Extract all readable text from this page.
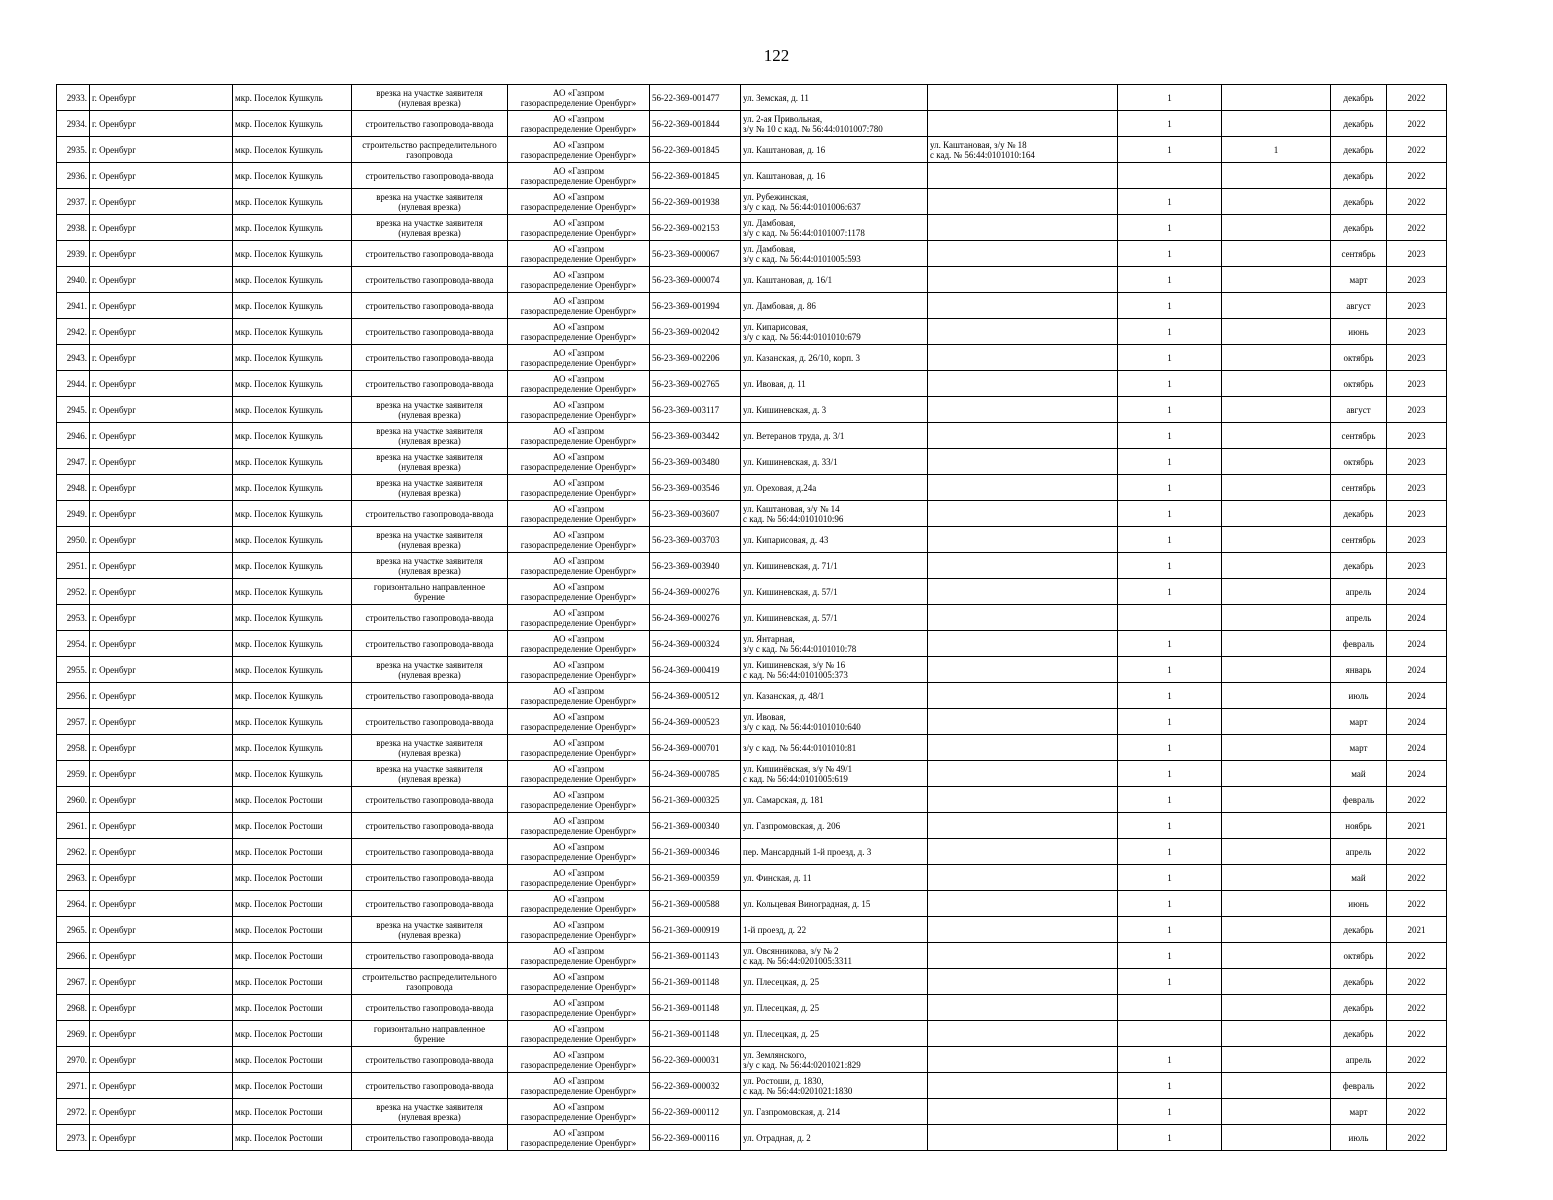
122
2933.	г. Оренбург	мкр. Поселок Кушкуль	врезка на участке заявителя
(нулевая врезка)	АО «Газпром
газораспределение Оренбург»	56-22-369-001477	ул. Земская, д. 11		1		декабрь	2022
2934.	г. Оренбург	мкр. Поселок Кушкуль	строительство газопровода-ввода	АО «Газпром
газораспределение Оренбург»	56-22-369-001844	ул. 2-ая Привольная,
з/у № 10 с кад. № 56:44:0101007:780		1		декабрь	2022
2935.	г. Оренбург	мкр. Поселок Кушкуль	строительство распределительного
газопровода	АО «Газпром
газораспределение Оренбург»	56-22-369-001845	ул. Каштановая, д. 16	ул. Каштановая, з/у № 18
с кад. № 56:44:0101010:164	1	1	декабрь	2022
2936.	г. Оренбург	мкр. Поселок Кушкуль	строительство газопровода-ввода	АО «Газпром
газораспределение Оренбург»	56-22-369-001845	ул. Каштановая, д. 16				декабрь	2022
2937.	г. Оренбург	мкр. Поселок Кушкуль	врезка на участке заявителя
(нулевая врезка)	АО «Газпром
газораспределение Оренбург»	56-22-369-001938	ул. Рубежинская,
з/у с кад. № 56:44:0101006:637		1		декабрь	2022
2938.	г. Оренбург	мкр. Поселок Кушкуль	врезка на участке заявителя
(нулевая врезка)	АО «Газпром
газораспределение Оренбург»	56-22-369-002153	ул. Дамбовая,
з/у с кад. № 56:44:0101007:1178		1		декабрь	2022
2939.	г. Оренбург	мкр. Поселок Кушкуль	строительство газопровода-ввода	АО «Газпром
газораспределение Оренбург»	56-23-369-000067	ул. Дамбовая,
з/у с кад. № 56:44:0101005:593		1		сентябрь	2023
2940.	г. Оренбург	мкр. Поселок Кушкуль	строительство газопровода-ввода	АО «Газпром
газораспределение Оренбург»	56-23-369-000074	ул. Каштановая, д. 16/1		1		март	2023
2941.	г. Оренбург	мкр. Поселок Кушкуль	строительство газопровода-ввода	АО «Газпром
газораспределение Оренбург»	56-23-369-001994	ул. Дамбовая, д. 86		1		август	2023
2942.	г. Оренбург	мкр. Поселок Кушкуль	строительство газопровода-ввода	АО «Газпром
газораспределение Оренбург»	56-23-369-002042	ул. Кипарисовая,
з/у с кад. № 56:44:0101010:679		1		июнь	2023
2943.	г. Оренбург	мкр. Поселок Кушкуль	строительство газопровода-ввода	АО «Газпром
газораспределение Оренбург»	56-23-369-002206	ул. Казанская, д. 26/10, корп. 3		1		октябрь	2023
2944.	г. Оренбург	мкр. Поселок Кушкуль	строительство газопровода-ввода	АО «Газпром
газораспределение Оренбург»	56-23-369-002765	ул. Ивовая, д. 11		1		октябрь	2023
2945.	г. Оренбург	мкр. Поселок Кушкуль	врезка на участке заявителя
(нулевая врезка)	АО «Газпром
газораспределение Оренбург»	56-23-369-003117	ул. Кишиневская, д. 3		1		август	2023
2946.	г. Оренбург	мкр. Поселок Кушкуль	врезка на участке заявителя
(нулевая врезка)	АО «Газпром
газораспределение Оренбург»	56-23-369-003442	ул. Ветеранов труда, д. 3/1		1		сентябрь	2023
2947.	г. Оренбург	мкр. Поселок Кушкуль	врезка на участке заявителя
(нулевая врезка)	АО «Газпром
газораспределение Оренбург»	56-23-369-003480	ул. Кишиневская, д. 33/1		1		октябрь	2023
2948.	г. Оренбург	мкр. Поселок Кушкуль	врезка на участке заявителя
(нулевая врезка)	АО «Газпром
газораспределение Оренбург»	56-23-369-003546	ул. Ореховая, д.24а		1		сентябрь	2023
2949.	г. Оренбург	мкр. Поселок Кушкуль	строительство газопровода-ввода	АО «Газпром
газораспределение Оренбург»	56-23-369-003607	ул. Каштановая, з/у № 14
с кад. № 56:44:0101010:96		1		декабрь	2023
2950.	г. Оренбург	мкр. Поселок Кушкуль	врезка на участке заявителя
(нулевая врезка)	АО «Газпром
газораспределение Оренбург»	56-23-369-003703	ул. Кипарисовая, д. 43		1		сентябрь	2023
2951.	г. Оренбург	мкр. Поселок Кушкуль	врезка на участке заявителя
(нулевая врезка)	АО «Газпром
газораспределение Оренбург»	56-23-369-003940	ул. Кишиневская, д. 71/1		1		декабрь	2023
2952.	г. Оренбург	мкр. Поселок Кушкуль	горизонтально направленное
бурение	АО «Газпром
газораспределение Оренбург»	56-24-369-000276	ул. Кишиневская, д. 57/1		1		апрель	2024
2953.	г. Оренбург	мкр. Поселок Кушкуль	строительство газопровода-ввода	АО «Газпром
газораспределение Оренбург»	56-24-369-000276	ул. Кишиневская, д. 57/1				апрель	2024
2954.	г. Оренбург	мкр. Поселок Кушкуль	строительство газопровода-ввода	АО «Газпром
газораспределение Оренбург»	56-24-369-000324	ул. Янтарная,
з/у с кад. № 56:44:0101010:78		1		февраль	2024
2955.	г. Оренбург	мкр. Поселок Кушкуль	врезка на участке заявителя
(нулевая врезка)	АО «Газпром
газораспределение Оренбург»	56-24-369-000419	ул. Кишиневская, з/у № 16
с кад. № 56:44:0101005:373		1		январь	2024
2956.	г. Оренбург	мкр. Поселок Кушкуль	строительство газопровода-ввода	АО «Газпром
газораспределение Оренбург»	56-24-369-000512	ул. Казанская, д. 48/1		1		июль	2024
2957.	г. Оренбург	мкр. Поселок Кушкуль	строительство газопровода-ввода	АО «Газпром
газораспределение Оренбург»	56-24-369-000523	ул. Ивовая,
з/у с кад. № 56:44:0101010:640		1		март	2024
2958.	г. Оренбург	мкр. Поселок Кушкуль	врезка на участке заявителя
(нулевая врезка)	АО «Газпром
газораспределение Оренбург»	56-24-369-000701	з/у с кад. № 56:44:0101010:81		1		март	2024
2959.	г. Оренбург	мкр. Поселок Кушкуль	врезка на участке заявителя
(нулевая врезка)	АО «Газпром
газораспределение Оренбург»	56-24-369-000785	ул. Кишинёвская, з/у № 49/1
с кад. № 56:44:0101005:619		1		май	2024
2960.	г. Оренбург	мкр. Поселок Ростоши	строительство газопровода-ввода	АО «Газпром
газораспределение Оренбург»	56-21-369-000325	ул. Самарская, д. 181		1		февраль	2022
2961.	г. Оренбург	мкр. Поселок Ростоши	строительство газопровода-ввода	АО «Газпром
газораспределение Оренбург»	56-21-369-000340	ул. Газпромовская, д. 206		1		ноябрь	2021
2962.	г. Оренбург	мкр. Поселок Ростоши	строительство газопровода-ввода	АО «Газпром
газораспределение Оренбург»	56-21-369-000346	пер. Мансардный 1-й проезд, д. 3		1		апрель	2022
2963.	г. Оренбург	мкр. Поселок Ростоши	строительство газопровода-ввода	АО «Газпром
газораспределение Оренбург»	56-21-369-000359	ул. Финская, д. 11		1		май	2022
2964.	г. Оренбург	мкр. Поселок Ростоши	строительство газопровода-ввода	АО «Газпром
газораспределение Оренбург»	56-21-369-000588	ул. Кольцевая Виноградная, д. 15		1		июнь	2022
2965.	г. Оренбург	мкр. Поселок Ростоши	врезка на участке заявителя
(нулевая врезка)	АО «Газпром
газораспределение Оренбург»	56-21-369-000919	1-й проезд, д. 22		1		декабрь	2021
2966.	г. Оренбург	мкр. Поселок Ростоши	строительство газопровода-ввода	АО «Газпром
газораспределение Оренбург»	56-21-369-001143	ул. Овсянникова, з/у № 2
с кад. № 56:44:0201005:3311		1		октябрь	2022
2967.	г. Оренбург	мкр. Поселок Ростоши	строительство распределительного
газопровода	АО «Газпром
газораспределение Оренбург»	56-21-369-001148	ул. Плесецкая, д. 25		1		декабрь	2022
2968.	г. Оренбург	мкр. Поселок Ростоши	строительство газопровода-ввода	АО «Газпром
газораспределение Оренбург»	56-21-369-001148	ул. Плесецкая, д. 25				декабрь	2022
2969.	г. Оренбург	мкр. Поселок Ростоши	горизонтально направленное
бурение	АО «Газпром
газораспределение Оренбург»	56-21-369-001148	ул. Плесецкая, д. 25				декабрь	2022
2970.	г. Оренбург	мкр. Поселок Ростоши	строительство газопровода-ввода	АО «Газпром
газораспределение Оренбург»	56-22-369-000031	ул. Землянского,
з/у с кад. № 56:44:0201021:829		1		апрель	2022
2971.	г. Оренбург	мкр. Поселок Ростоши	строительство газопровода-ввода	АО «Газпром
газораспределение Оренбург»	56-22-369-000032	ул. Ростоши, д. 1830,
с кад. № 56:44:0201021:1830		1		февраль	2022
2972.	г. Оренбург	мкр. Поселок Ростоши	врезка на участке заявителя
(нулевая врезка)	АО «Газпром
газораспределение Оренбург»	56-22-369-000112	ул. Газпромовская, д. 214		1		март	2022
2973.	г. Оренбург	мкр. Поселок Ростоши	строительство газопровода-ввода	АО «Газпром
газораспределение Оренбург»	56-22-369-000116	ул. Отрадная, д. 2		1		июль	2022
